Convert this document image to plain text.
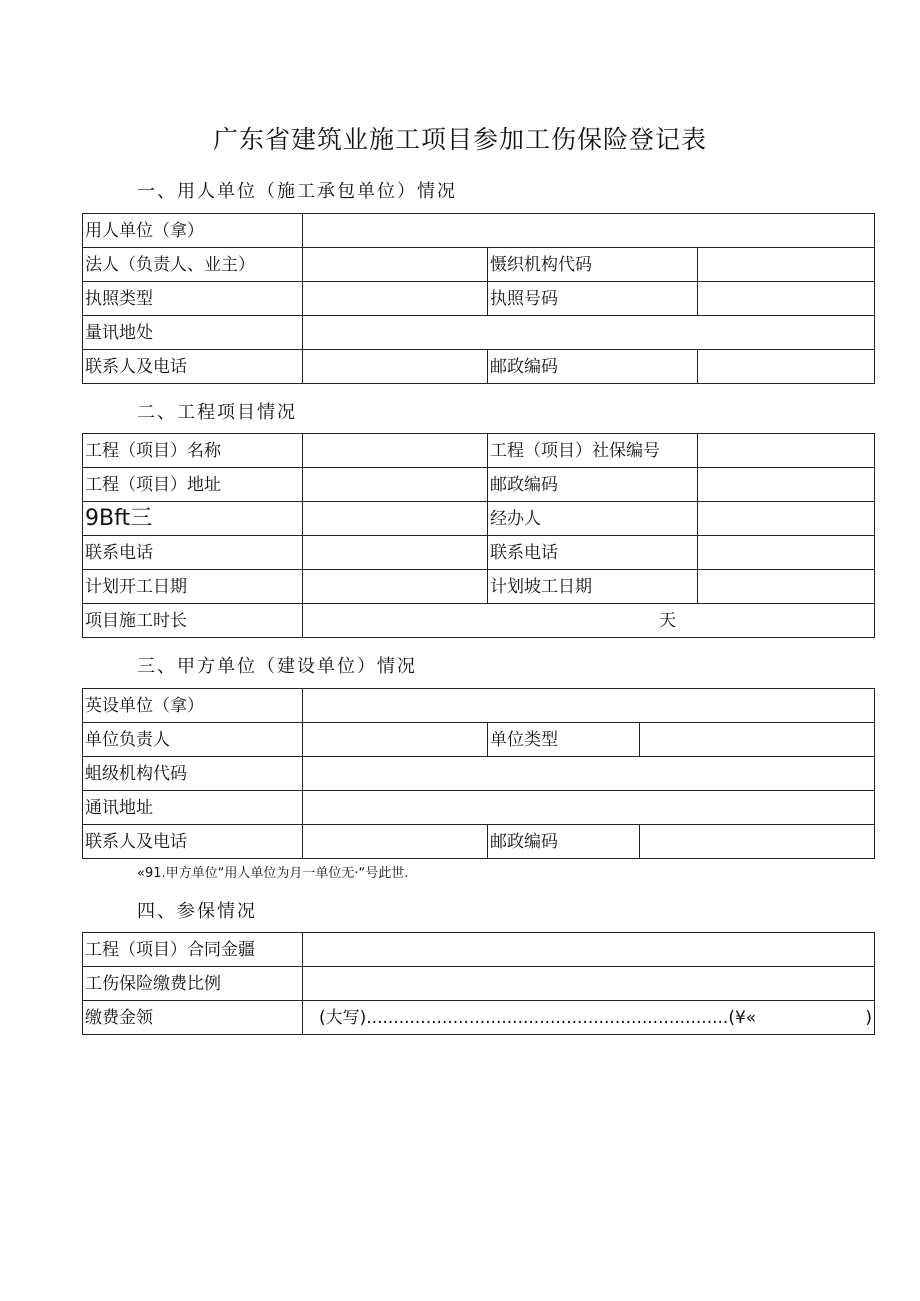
广东省建筑业施工项目参加工伤保险登记表
一、用人单位（施工承包单位）情况
用人单位（拿）			
法人（负责人、业主）		慑织机构代码	
执照类型		执照号码	
量讯地处			
联系人及电话		邮政编码	
二、工程项目情况
工程（项目）名称		工程（项目）社保编号	
工程（项目）地址		邮政编码	
9Bft三		经办人	
联系电话		联系电话	
计划开工日期		计划坡工日期	
项目施工时长	天		
三、甲方单位（建设单位）情况
英设单位（拿）			
单位负责人		单位类型	
蛆级机构代码			
通讯地址			
联系人及电话		邮政编码	
«91.甲方单位“用人单位为月一单位无·“号此世.
四、参保情况
工程（项目）合同金疆	
工伤保险缴费比例	
缴费金领	(大写) ................................................................... (¥« )
